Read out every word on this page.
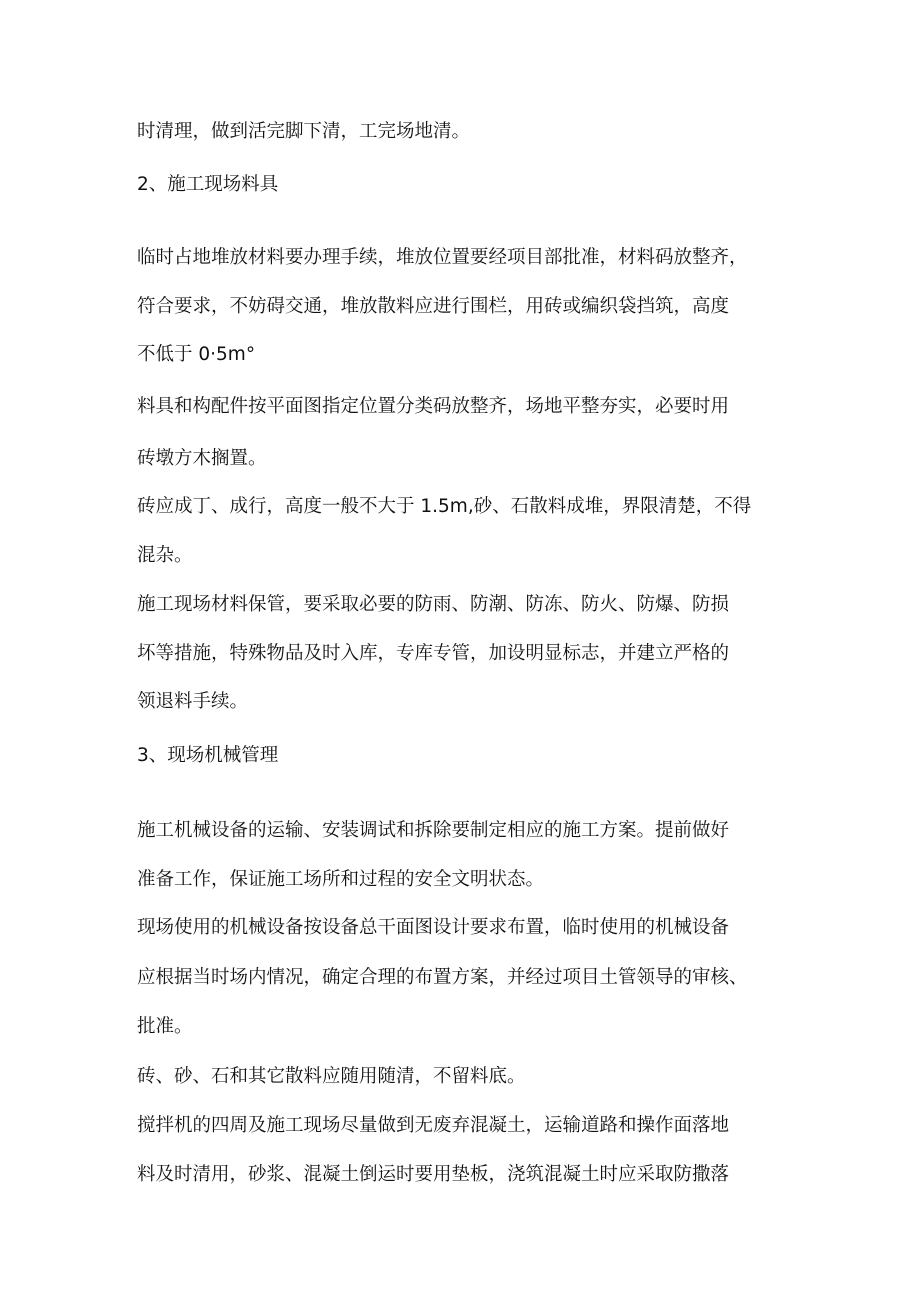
时清理，做到活完脚下清，工完场地清。
2、施工现场料具
临时占地堆放材料要办理手续，堆放位置要经项目部批准，材料码放整齐，
符合要求，不妨碍交通，堆放散料应进行围栏，用砖或编织袋挡筑，高度
不低于 0·5m°
料具和构配件按平面图指定位置分类码放整齐，场地平整夯实，必要时用
砖墩方木搁置。
砖应成丁、成行，高度一般不大于 1.5m,砂、石散料成堆，界限清楚，不得
混杂。
施工现场材料保管，要采取必要的防雨、防潮、防冻、防火、防爆、防损
坏等措施，特殊物品及时入库，专库专管，加设明显标志，并建立严格的
领退料手续。
3、现场机械管理
施工机械设备的运输、安装调试和拆除要制定相应的施工方案。提前做好
准备工作，保证施工场所和过程的安全文明状态。
现场使用的机械设备按设备总干面图设计要求布置，临时使用的机械设备
应根据当时场内情况，确定合理的布置方案，并经过项目土管领导的审核、
批准。
砖、砂、石和其它散料应随用随清，不留料底。
搅拌机的四周及施工现场尽量做到无废弃混凝土，运输道路和操作面落地
料及时清用，砂浆、混凝土倒运时要用垫板，浇筑混凝土时应采取防撒落
